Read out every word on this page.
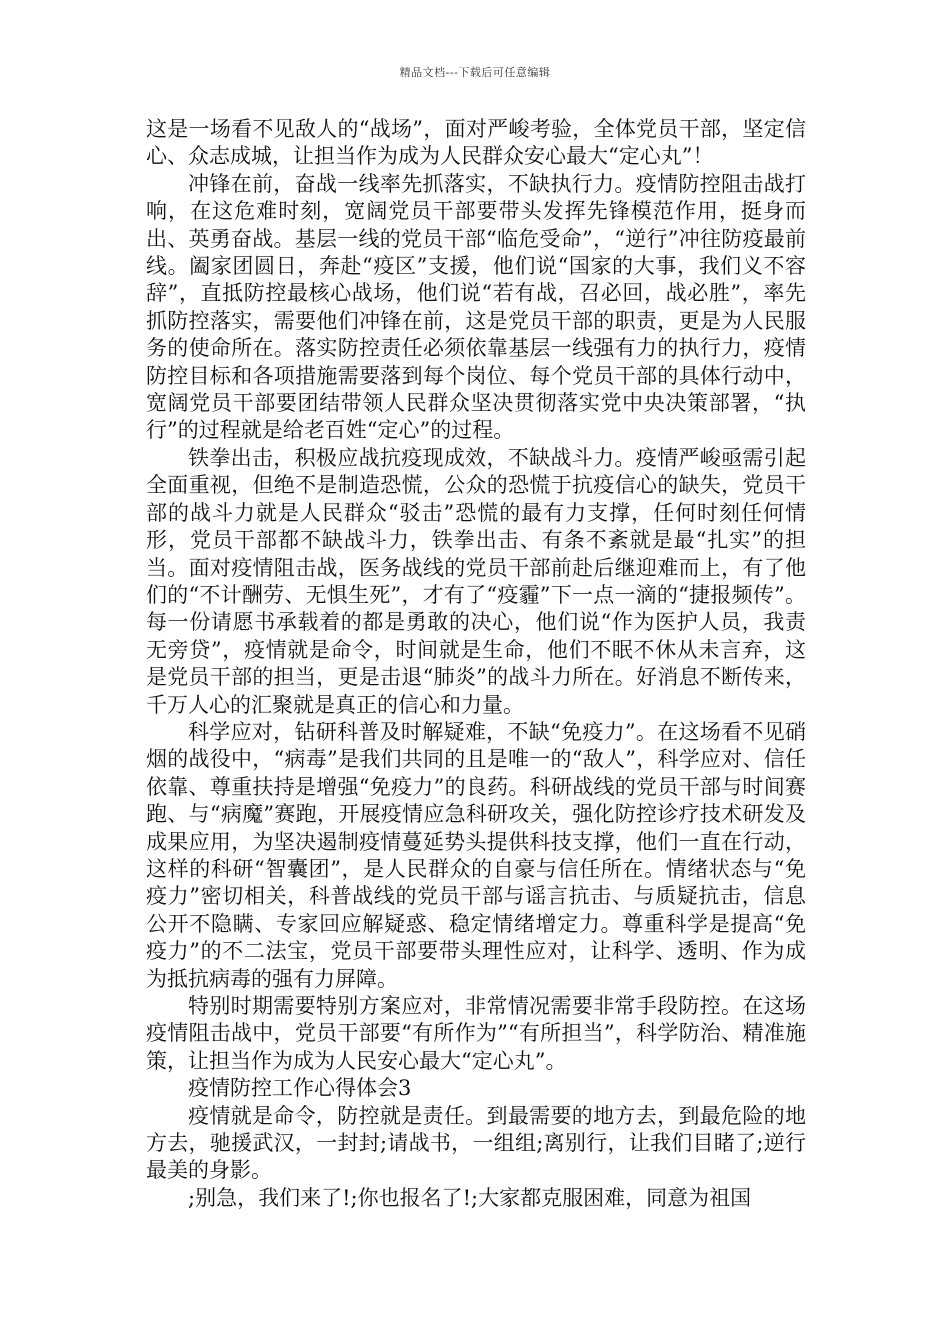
精品文档---下载后可任意编辑

这是一场看不见敌人的“战场”，面对严峻考验，全体党员干部，坚定信心、众志成城，让担当作为成为人民群众安心最大“定心丸”！

冲锋在前，奋战一线率先抓落实，不缺执行力。疫情防控阻击战打响，在这危难时刻，宽阔党员干部要带头发挥先锋模范作用，挺身而出、英勇奋战。基层一线的党员干部“临危受命”，“逆行”冲往防疫最前线。阖家团圆日，奔赴“疫区”支援，他们说“国家的大事，我们义不容辞”，直抵防控最核心战场，他们说“若有战，召必回，战必胜”，率先抓防控落实，需要他们冲锋在前，这是党员干部的职责，更是为人民服务的使命所在。落实防控责任必须依靠基层一线强有力的执行力，疫情防控目标和各项措施需要落到每个岗位、每个党员干部的具体行动中，宽阔党员干部要团结带领人民群众坚决贯彻落实党中央决策部署，“执行”的过程就是给老百姓“定心”的过程。

铁拳出击，积极应战抗疫现成效，不缺战斗力。疫情严峻亟需引起全面重视，但绝不是制造恐慌，公众的恐慌于抗疫信心的缺失，党员干部的战斗力就是人民群众“驳击”恐慌的最有力支撑，任何时刻任何情形，党员干部都不缺战斗力，铁拳出击、有条不紊就是最“扎实”的担当。面对疫情阻击战，医务战线的党员干部前赴后继迎难而上，有了他们的“不计酬劳、无惧生死”，才有了“疫霾”下一点一滴的“捷报频传”。每一份请愿书承载着的都是勇敢的决心，他们说“作为医护人员，我责无旁贷”，疫情就是命令，时间就是生命，他们不眠不休从未言弃，这是党员干部的担当，更是击退“肺炎”的战斗力所在。好消息不断传来，千万人心的汇聚就是真正的信心和力量。

科学应对，钻研科普及时解疑难，不缺“免疫力”。在这场看不见硝烟的战役中，“病毒”是我们共同的且是唯一的“敌人”，科学应对、信任依靠、尊重扶持是增强“免疫力”的良药。科研战线的党员干部与时间赛跑、与“病魔”赛跑，开展疫情应急科研攻关，强化防控诊疗技术研发及成果应用，为坚决遏制疫情蔓延势头提供科技支撑，他们一直在行动，这样的科研“智囊团”，是人民群众的自豪与信任所在。情绪状态与“免疫力”密切相关，科普战线的党员干部与谣言抗击、与质疑抗击，信息公开不隐瞒、专家回应解疑惑、稳定情绪增定力。尊重科学是提高“免疫力”的不二法宝，党员干部要带头理性应对，让科学、透明、作为成为抵抗病毒的强有力屏障。

特别时期需要特别方案应对，非常情况需要非常手段防控。在这场疫情阻击战中，党员干部要“有所作为”“有所担当”，科学防治、精准施策，让担当作为成为人民安心最大“定心丸”。

疫情防控工作心得体会3

疫情就是命令，防控就是责任。到最需要的地方去，到最危险的地方去，驰援武汉，一封封;请战书，一组组;离别行，让我们目睹了;逆行最美的身影。

;别急，我们来了!;你也报名了!;大家都克服困难，同意为祖国
